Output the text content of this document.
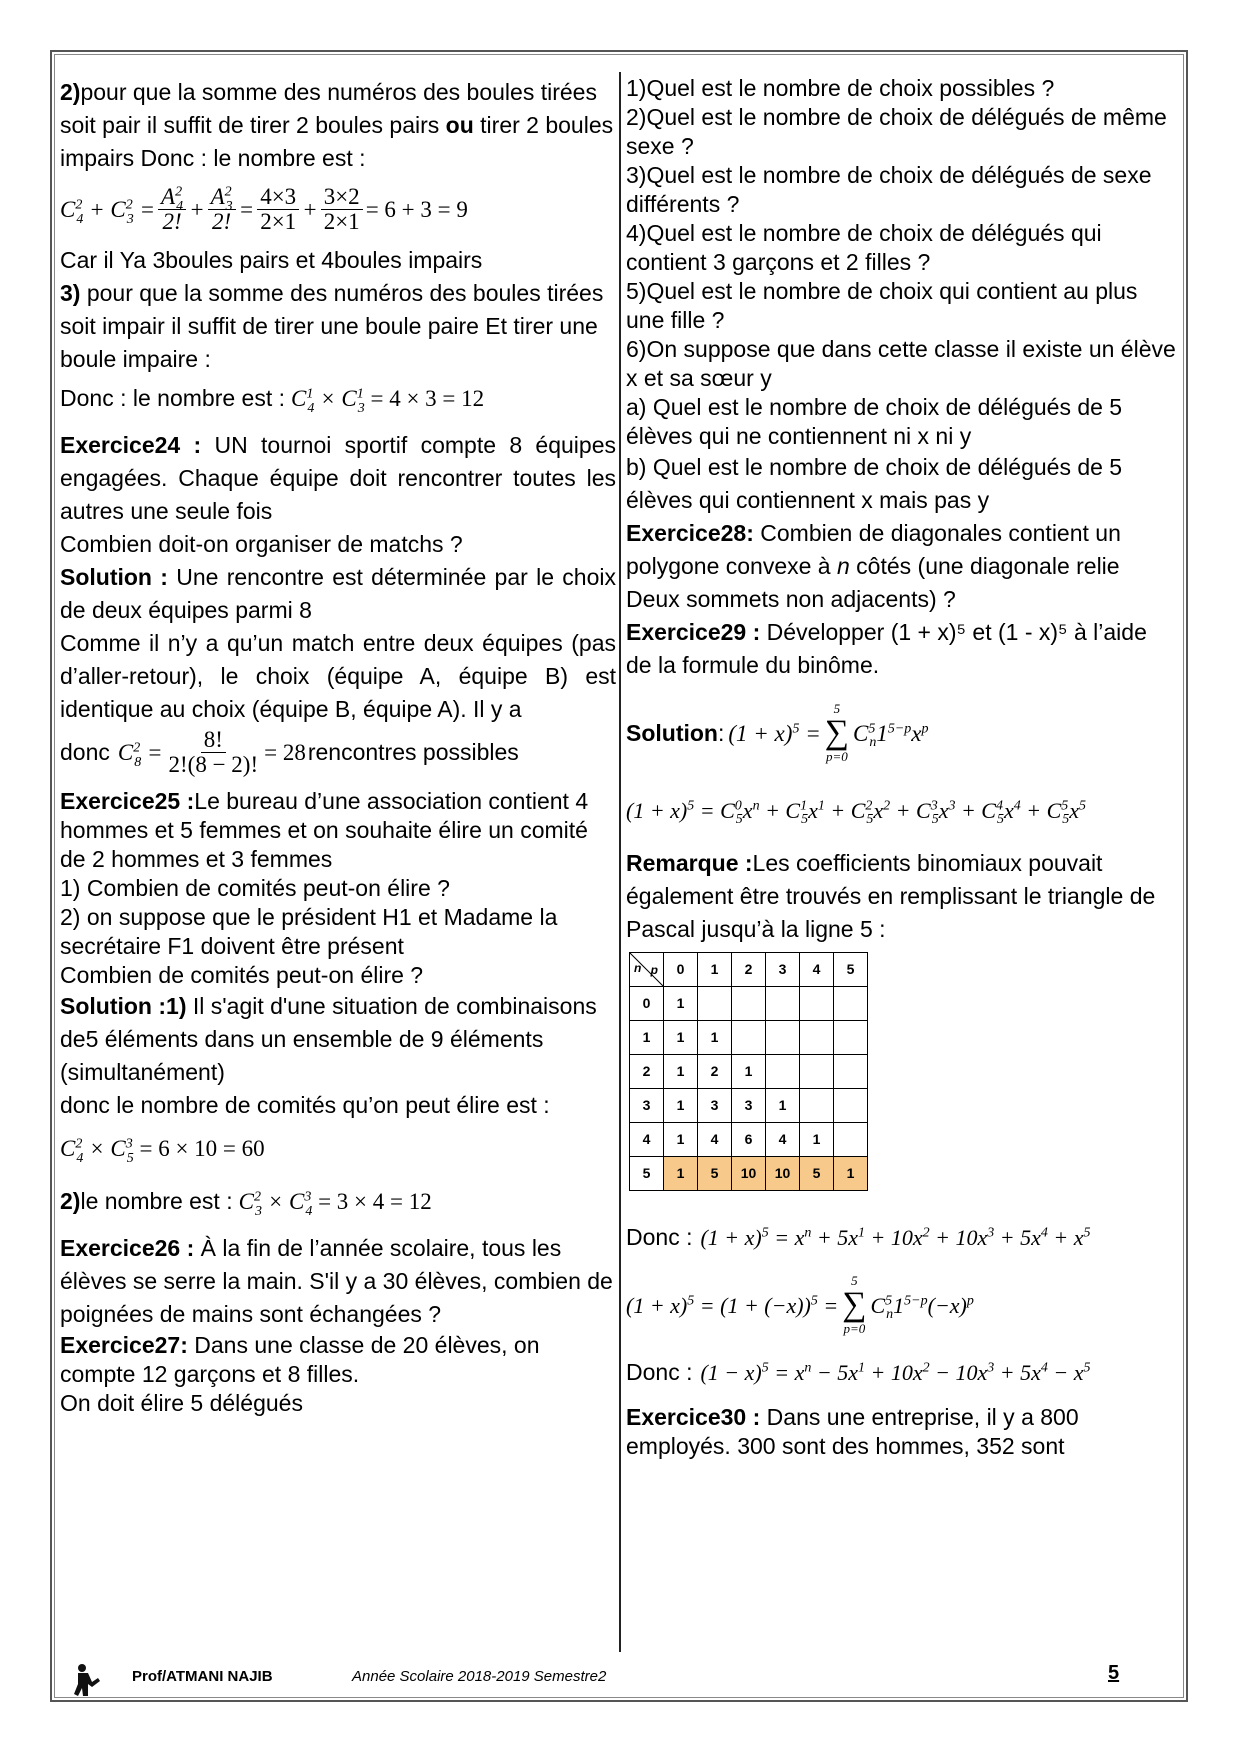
2)pour que la somme des numéros des boules tirées soit pair il suffit de tirer 2 boules pairs ou tirer 2 boules impairs Donc : le nombre est :

$C^2_4 + C^2_3 = \frac{A^2_4}{2!} + \frac{A^2_3}{2!} = \frac{4\times 3}{2\times 1} + \frac{3\times 2}{2\times 1} = 6 + 3 = 9$

Car il Ya 3boules pairs et 4boules impairs

3) pour que la somme des numéros des boules tirées soit impair il suffit de tirer une boule paire Et tirer une boule impaire :

Donc : le nombre est : $C^1_4 \times C^1_3 = 4 \times 3 = 12$

Exercice24 : UN tournoi sportif compte 8 équipes engagées. Chaque équipe doit rencontrer toutes les autres une seule fois

Combien doit-on organiser de matchs ?

Solution : Une rencontre est déterminée par le choix de deux équipes parmi 8

Comme il n’y a qu’un match entre deux équipes (pas d’aller-retour), le choix (équipe A, équipe B) est identique au choix (équipe B, équipe A). Il y a

donc $C^2_8 = \frac{8!}{2!(8 - 2)!} = 28$ rencontres possibles

Exercice25 :Le bureau d’une association contient 4 hommes et 5 femmes et on souhaite élire un comité de 2 hommes et 3 femmes

1) Combien de comités peut-on élire ?

2) on suppose que le président H1 et Madame la secrétaire F1 doivent être présent

Combien de comités peut-on élire ?

Solution :1) Il s'agit d'une situation de combinaisons de5 éléments dans un ensemble de 9 éléments (simultanément)

donc le nombre de comités qu’on peut élire est :

$C^2_4 \times C^3_5 = 6 \times 10 = 60$
2) le nombre est : $C^2_3 \times C^3_4 = 3 \times 4 = 12$

Exercice26 : À la fin de l’année scolaire, tous les élèves se serre la main. S'il y a 30 élèves, combien de poignées de mains sont échangées ?

Exercice27: Dans une classe de 20 élèves, on compte 12 garçons et 8 filles.

On doit élire 5 délégués

1)Quel est le nombre de choix possibles ?

2)Quel est le nombre de choix de délégués de même sexe ?

3)Quel est le nombre de choix de délégués de sexe différents ?

4)Quel est le nombre de choix de délégués qui contient 3 garçons et 2 filles ?

5)Quel est le nombre de choix qui contient au plus une fille ?

6)On suppose que dans cette classe il existe un élève x et sa sœur y

a) Quel est le nombre de choix de délégués de 5 élèves qui ne contiennent ni x ni y

b) Quel est le nombre de choix de délégués de 5 élèves qui contiennent x mais pas y

Exercice28: Combien de diagonales contient un polygone convexe à n côtés (une diagonale relie Deux sommets non adjacents) ?

Exercice29 : Développer (1 + x)⁵ et (1 - x)⁵ à l’aide de la formule du binôme.

Solution : $(1 + x)^5$ =
5
∑
p=0
$C^5_n1^{5-p}x^p$
$(1 + x)^5 = C^0_5x^n + C^1_5x^1 + C^2_5x^2 + C^3_5x^3 + C^4_5x^4 + C^5_5x^5$

Remarque :Les coefficients binomiaux pouvait également être trouvés en remplissant le triangle de Pascal jusqu’à la ligne 5 :

p
n	0	1	2	3	4	5
0	1					
1	1	1				
2	1	2	1			
3	1	3	3	1		
4	1	4	6	4	1	
5	1	5	10	10	5	1
Donc : $(1 + x)^5 = x^n + 5x^1 + 10x^2 + 10x^3 + 5x^4 + x^5$
$(1 + x)^5 = (1 + (-x))^5$ =
5
∑
p=0
$C^5_n1^{5-p}(-x)^p$
Donc : $(1 - x)^5 = x^n - 5x^1 + 10x^2 - 10x^3 + 5x^4 - x^5$

Exercice30 : Dans une entreprise, il y a 800 employés. 300 sont des hommes, 352 sont

Prof/ATMANI NAJIB	Année Scolaire 2018-2019 Semestre2	5
